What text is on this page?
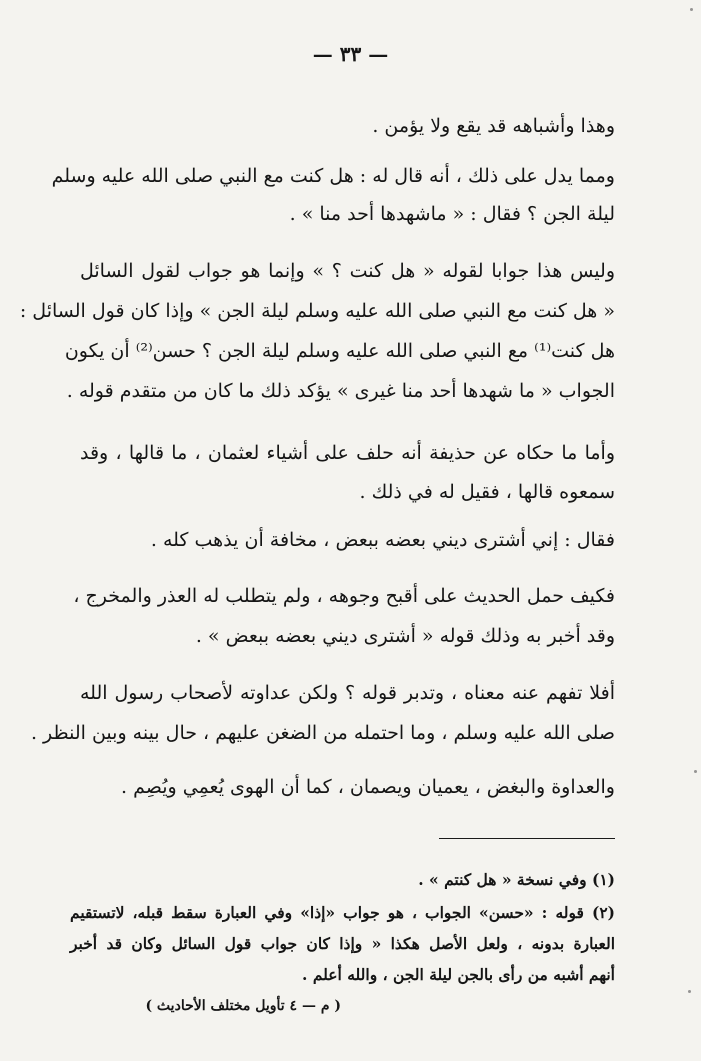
— ٣٣ —
وهذا وأشباهه قد يقع ولا يؤمن .
ومما يدل على ذلك ، أنه قال له : هل كنت مع النبي صلى الله عليه وسلم
ليلة الجن ؟ فقال : « ماشهدها أحد منا » .
وليس هذا جوابا لقوله « هل كنت ؟ » وإنما هو جواب لقول السائل
« هل كنت مع النبي صلى الله عليه وسلم ليلة الجن » وإذا كان قول السائل :
هل كنت⁽¹⁾ مع النبي صلى الله عليه وسلم ليلة الجن ؟ حسن⁽²⁾ أن يكون
الجواب « ما شهدها أحد منا غيرى » يؤكد ذلك ما كان من متقدم قوله .
وأما ما حكاه عن حذيفة أنه حلف على أشياء لعثمان ، ما قالها ، وقد
سمعوه قالها ، فقيل له في ذلك .
فقال : إني أشترى ديني بعضه ببعض ، مخافة أن يذهب كله .
فكيف حمل الحديث على أقبح وجوهه ، ولم يتطلب له العذر والمخرج ،
وقد أخبر به وذلك قوله « أشترى ديني بعضه ببعض » .
أفلا تفهم عنه معناه ، وتدبر قوله ؟ ولكن عداوته لأصحاب رسول الله
صلى الله عليه وسلم ، وما احتمله من الضغن عليهم ، حال بينه وبين النظر .
والعداوة والبغض ، يعميان ويصمان ، كما أن الهوى يُعمِي ويُصِم .
(١) وفي نسخة « هل كنتم » .
(٢) قوله : «حسن» الجواب ، هو جواب «إذا» وفي العبارة سقط قبله، لاتستقيم
العبارة بدونه ، ولعل الأصل هكذا « وإذا كان جواب قول السائل وكان قد أخبر
أنهم أشبه من رأى بالجن ليلة الجن ، والله أعلم .
( م — ٤ تأويل مختلف الأحاديث )
